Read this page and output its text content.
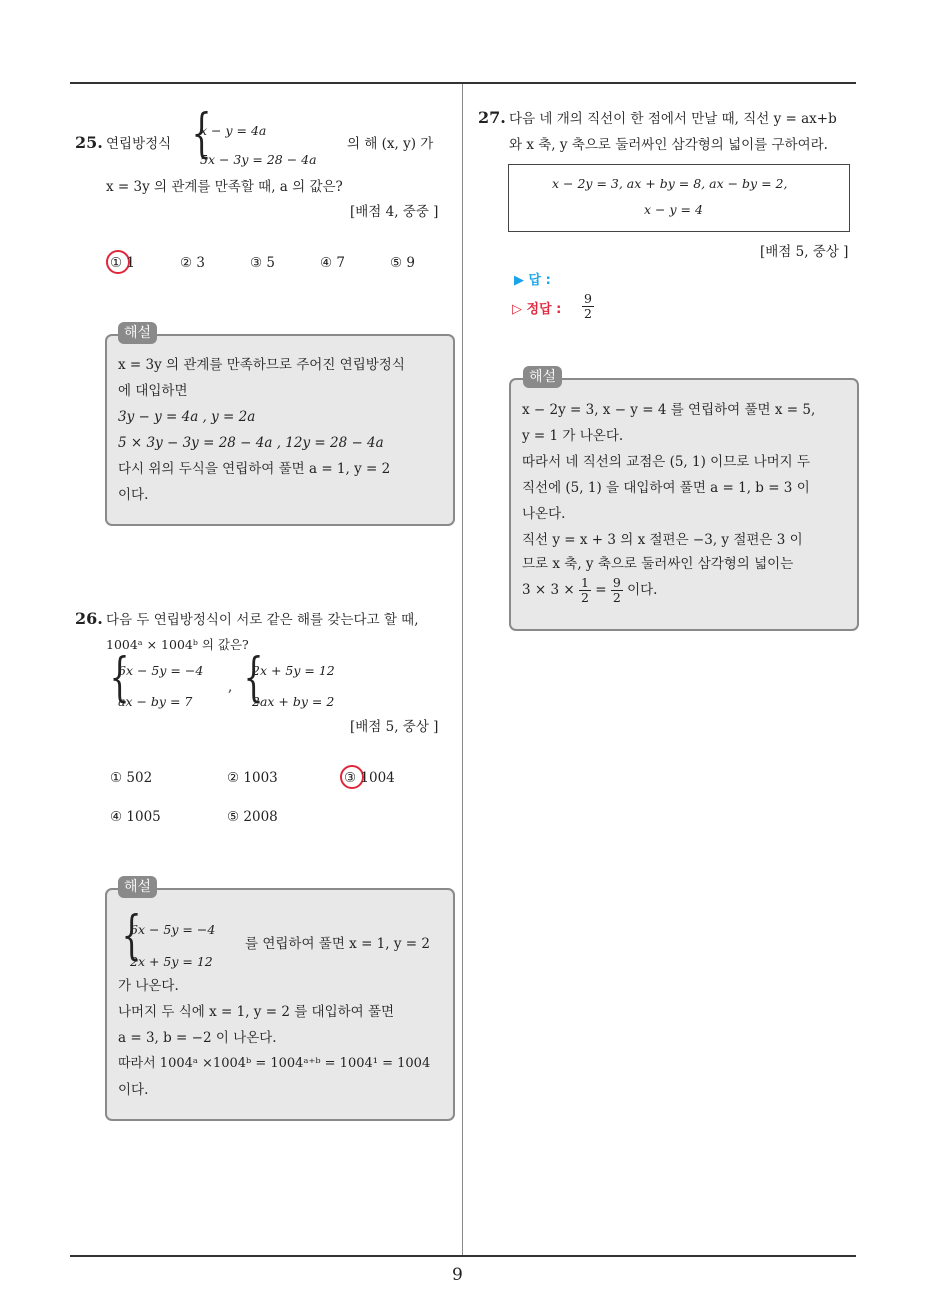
9
25. 연립방정식 {
x − y = 4a
5x − 3y = 28 − 4a
의 해 (x, y) 가
x = 3y 의 관계를 만족할 때, a 의 값은?
[배점 4, 중중 ]
① 1	② 3	③ 5	④ 7	⑤ 9
해설
x = 3y 의 관계를 만족하므로 주어진 연립방정식
에 대입하면
3y − y = 4a , y = 2a
5 × 3y − 3y = 28 − 4a , 12y = 28 − 4a
다시 위의 두식을 연립하여 풀면 a = 1, y = 2
이다.
26. 다음 두 연립방정식이 서로 같은 해를 갖는다고 할 때,
1004ᵃ × 1004ᵇ 의 값은?
{
6x − 5y = −4
ax − by = 7
, {
2x + 5y = 12
2ax + by = 2
[배점 5, 중상 ]
① 502	② 1003	③ 1004
④ 1005	⑤ 2008
해설
{
6x − 5y = −4
2x + 5y = 12
를 연립하여 풀면 x = 1, y = 2
가 나온다.
나머지 두 식에 x = 1, y = 2 를 대입하여 풀면
a = 3, b = −2 이 나온다.
따라서 1004ᵃ ×1004ᵇ = 1004ᵃ⁺ᵇ = 1004¹ = 1004
이다.
27. 다음 네 개의 직선이 한 점에서 만날 때, 직선 y = ax+b
와 x 축, y 축으로 둘러싸인 삼각형의 넓이를 구하여라.
x − 2y = 3, ax + by = 8, ax − by = 2,
x − y = 4
[배점 5, 중상 ]
▶ 답 :
▷ 정답 : $\frac{9}{2}$
해설
x − 2y = 3, x − y = 4 를 연립하여 풀면 x = 5,
y = 1 가 나온다.
따라서 네 직선의 교점은 (5, 1) 이므로 나머지 두
직선에 (5, 1) 을 대입하여 풀면 a = 1, b = 3 이
나온다.
직선 y = x + 3 의 x 절편은 −3, y 절편은 3 이
므로 x 축, y 축으로 둘러싸인 삼각형의 넓이는
$3 \times 3 \times \frac{1}{2} = \frac{9}{2}$ 이다.
